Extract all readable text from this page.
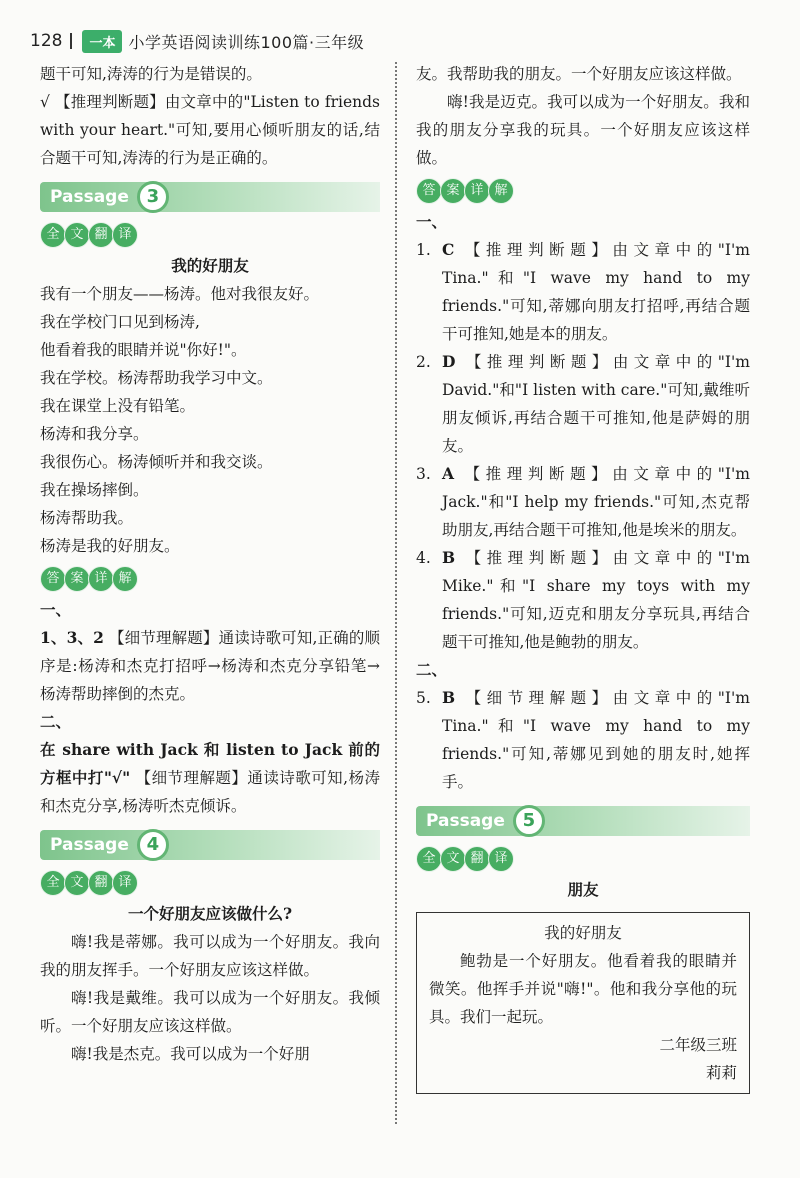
128	一本 小学英语阅读训练100篇·三年级

题干可知,涛涛的行为是错误的。

√ 【推理判断题】由文章中的"Listen to friends with your heart."可知,要用心倾听朋友的话,结合题干可知,涛涛的行为是正确的。

Passage 3
全 文 翻 译

我的好朋友

我有一个朋友——杨涛。他对我很友好。

我在学校门口见到杨涛,

他看着我的眼睛并说"你好!"。

我在学校。杨涛帮助我学习中文。

我在课堂上没有铅笔。

杨涛和我分享。

我很伤心。杨涛倾听并和我交谈。

我在操场摔倒。

杨涛帮助我。

杨涛是我的好朋友。

答 案 详 解

一、

1、3、2 【细节理解题】通读诗歌可知,正确的顺序是:杨涛和杰克打招呼→杨涛和杰克分享铅笔→杨涛帮助摔倒的杰克。

二、

在 share with Jack 和 listen to Jack 前的方框中打"√" 【细节理解题】通读诗歌可知,杨涛和杰克分享,杨涛听杰克倾诉。

Passage 4
全 文 翻 译

一个好朋友应该做什么?

嗨!我是蒂娜。我可以成为一个好朋友。我向我的朋友挥手。一个好朋友应该这样做。

嗨!我是戴维。我可以成为一个好朋友。我倾听。一个好朋友应该这样做。

嗨!我是杰克。我可以成为一个好朋

友。我帮助我的朋友。一个好朋友应该这样做。

嗨!我是迈克。我可以成为一个好朋友。我和我的朋友分享我的玩具。一个好朋友应该这样做。

答 案 详 解

一、

1. C 【推理判断题】由文章中的"I'm Tina."和"I wave my hand to my friends."可知,蒂娜向朋友打招呼,再结合题干可推知,她是本的朋友。

2. D 【推理判断题】由文章中的"I'm David."和"I listen with care."可知,戴维听朋友倾诉,再结合题干可推知,他是萨姆的朋友。

3. A 【推理判断题】由文章中的"I'm Jack."和"I help my friends."可知,杰克帮助朋友,再结合题干可推知,他是埃米的朋友。

4. B 【推理判断题】由文章中的"I'm Mike."和"I share my toys with my friends."可知,迈克和朋友分享玩具,再结合题干可推知,他是鲍勃的朋友。

二、

5. B 【细节理解题】由文章中的"I'm Tina."和"I wave my hand to my friends."可知,蒂娜见到她的朋友时,她挥手。

Passage 5
全 文 翻 译

朋友

我的好朋友

鲍勃是一个好朋友。他看着我的眼睛并微笑。他挥手并说"嗨!"。他和我分享他的玩具。我们一起玩。

二年级三班

莉莉
